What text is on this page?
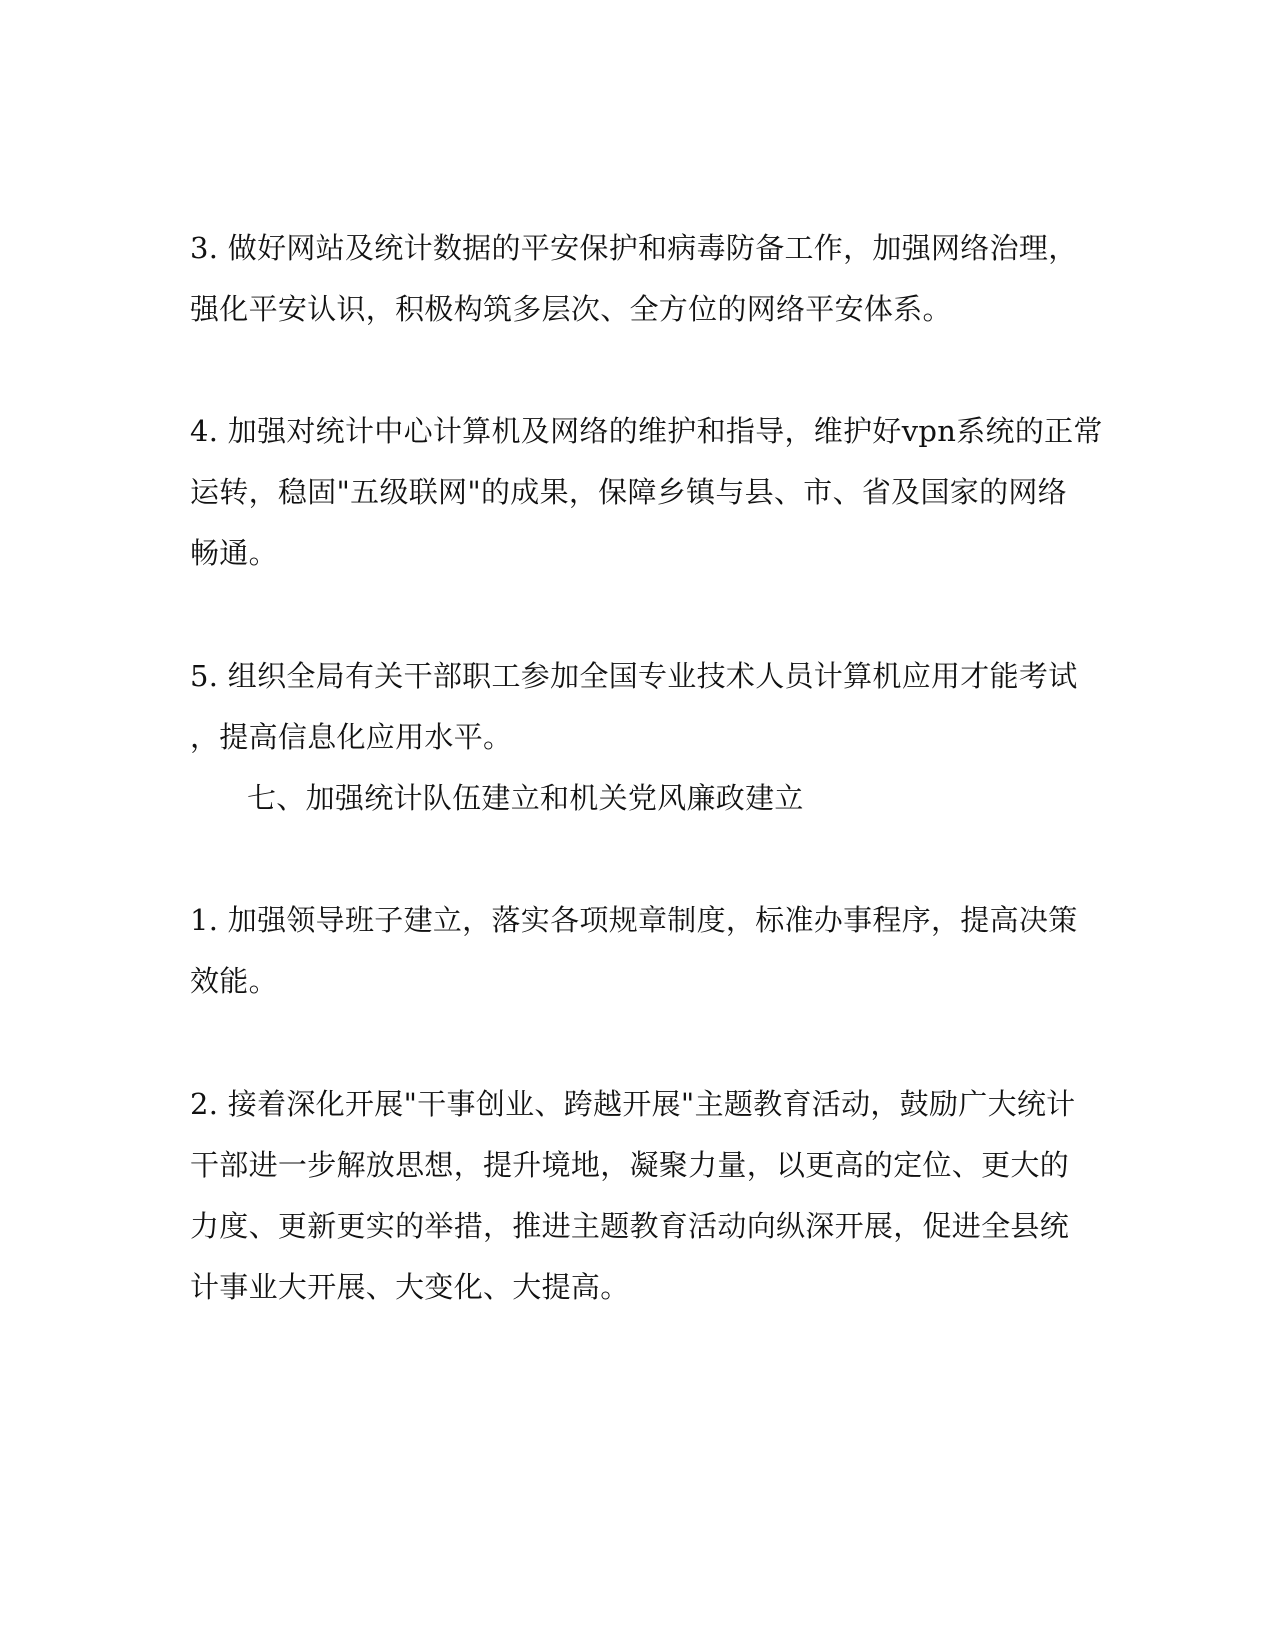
3. 做好网站及统计数据的平安保护和病毒防备工作，加强网络治理，
强化平安认识，积极构筑多层次、全方位的网络平安体系。
4. 加强对统计中心计算机及网络的维护和指导，维护好vpn系统的正常
运转，稳固"五级联网"的成果，保障乡镇与县、市、省及国家的网络
畅通。
5. 组织全局有关干部职工参加全国专业技术人员计算机应用才能考试
，提高信息化应用水平。
七、加强统计队伍建立和机关党风廉政建立
1. 加强领导班子建立，落实各项规章制度，标准办事程序，提高决策
效能。
2. 接着深化开展"干事创业、跨越开展"主题教育活动，鼓励广大统计
干部进一步解放思想，提升境地，凝聚力量，以更高的定位、更大的
力度、更新更实的举措，推进主题教育活动向纵深开展，促进全县统
计事业大开展、大变化、大提高。
